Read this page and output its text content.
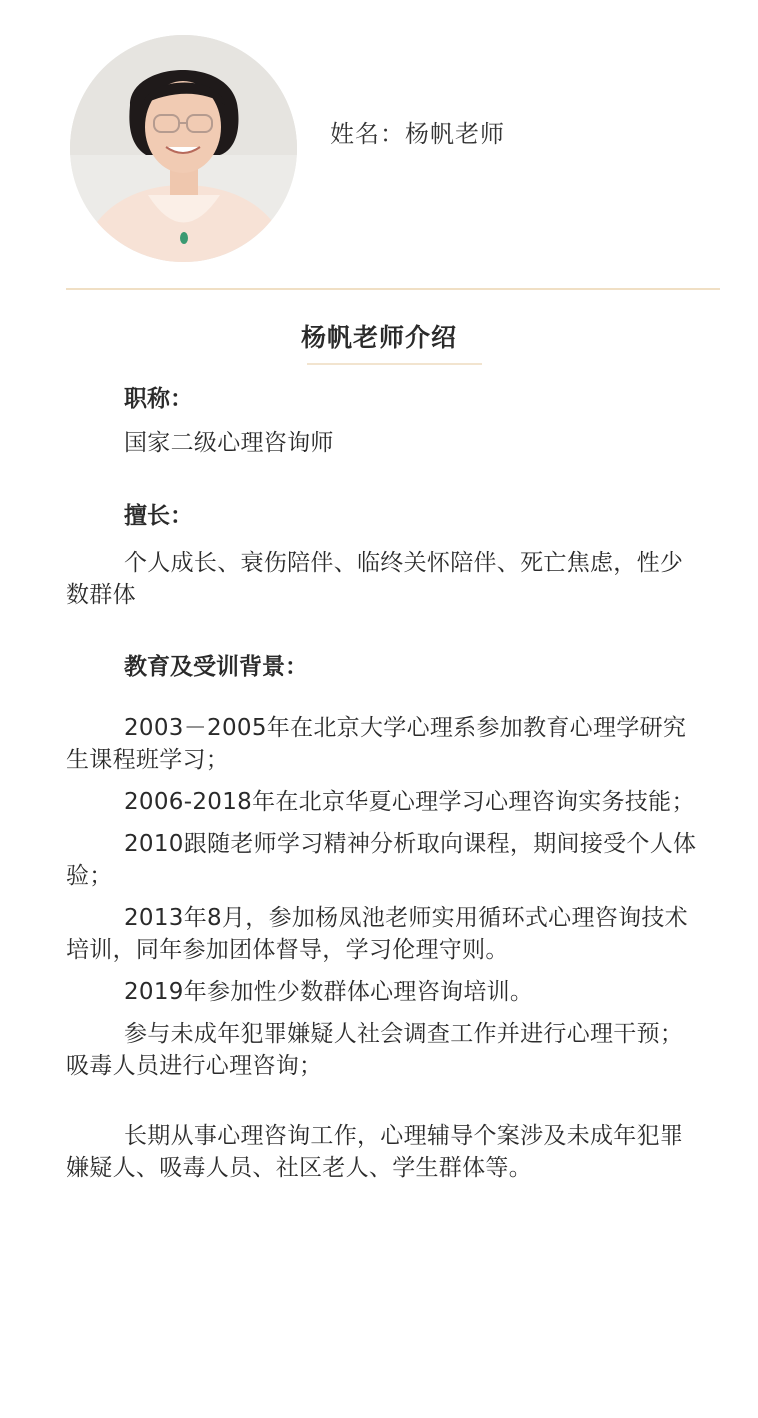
姓名：杨帆老师
杨帆老师介绍

职称：

国家二级心理咨询师

擅长：

个人成长、衰伤陪伴、临终关怀陪伴、死亡焦虑，性少数群体

教育及受训背景：

2003－2005年在北京大学心理系参加教育心理学研究生课程班学习；

2006-2018年在北京华夏心理学习心理咨询实务技能；

2010跟随老师学习精神分析取向课程，期间接受个人体验；

2013年8月，参加杨凤池老师实用循环式心理咨询技术培训，同年参加团体督导，学习伦理守则。

2019年参加性少数群体心理咨询培训。

参与未成年犯罪嫌疑人社会调查工作并进行心理干预；吸毒人员进行心理咨询；

长期从事心理咨询工作，心理辅导个案涉及未成年犯罪嫌疑人、吸毒人员、社区老人、学生群体等。
